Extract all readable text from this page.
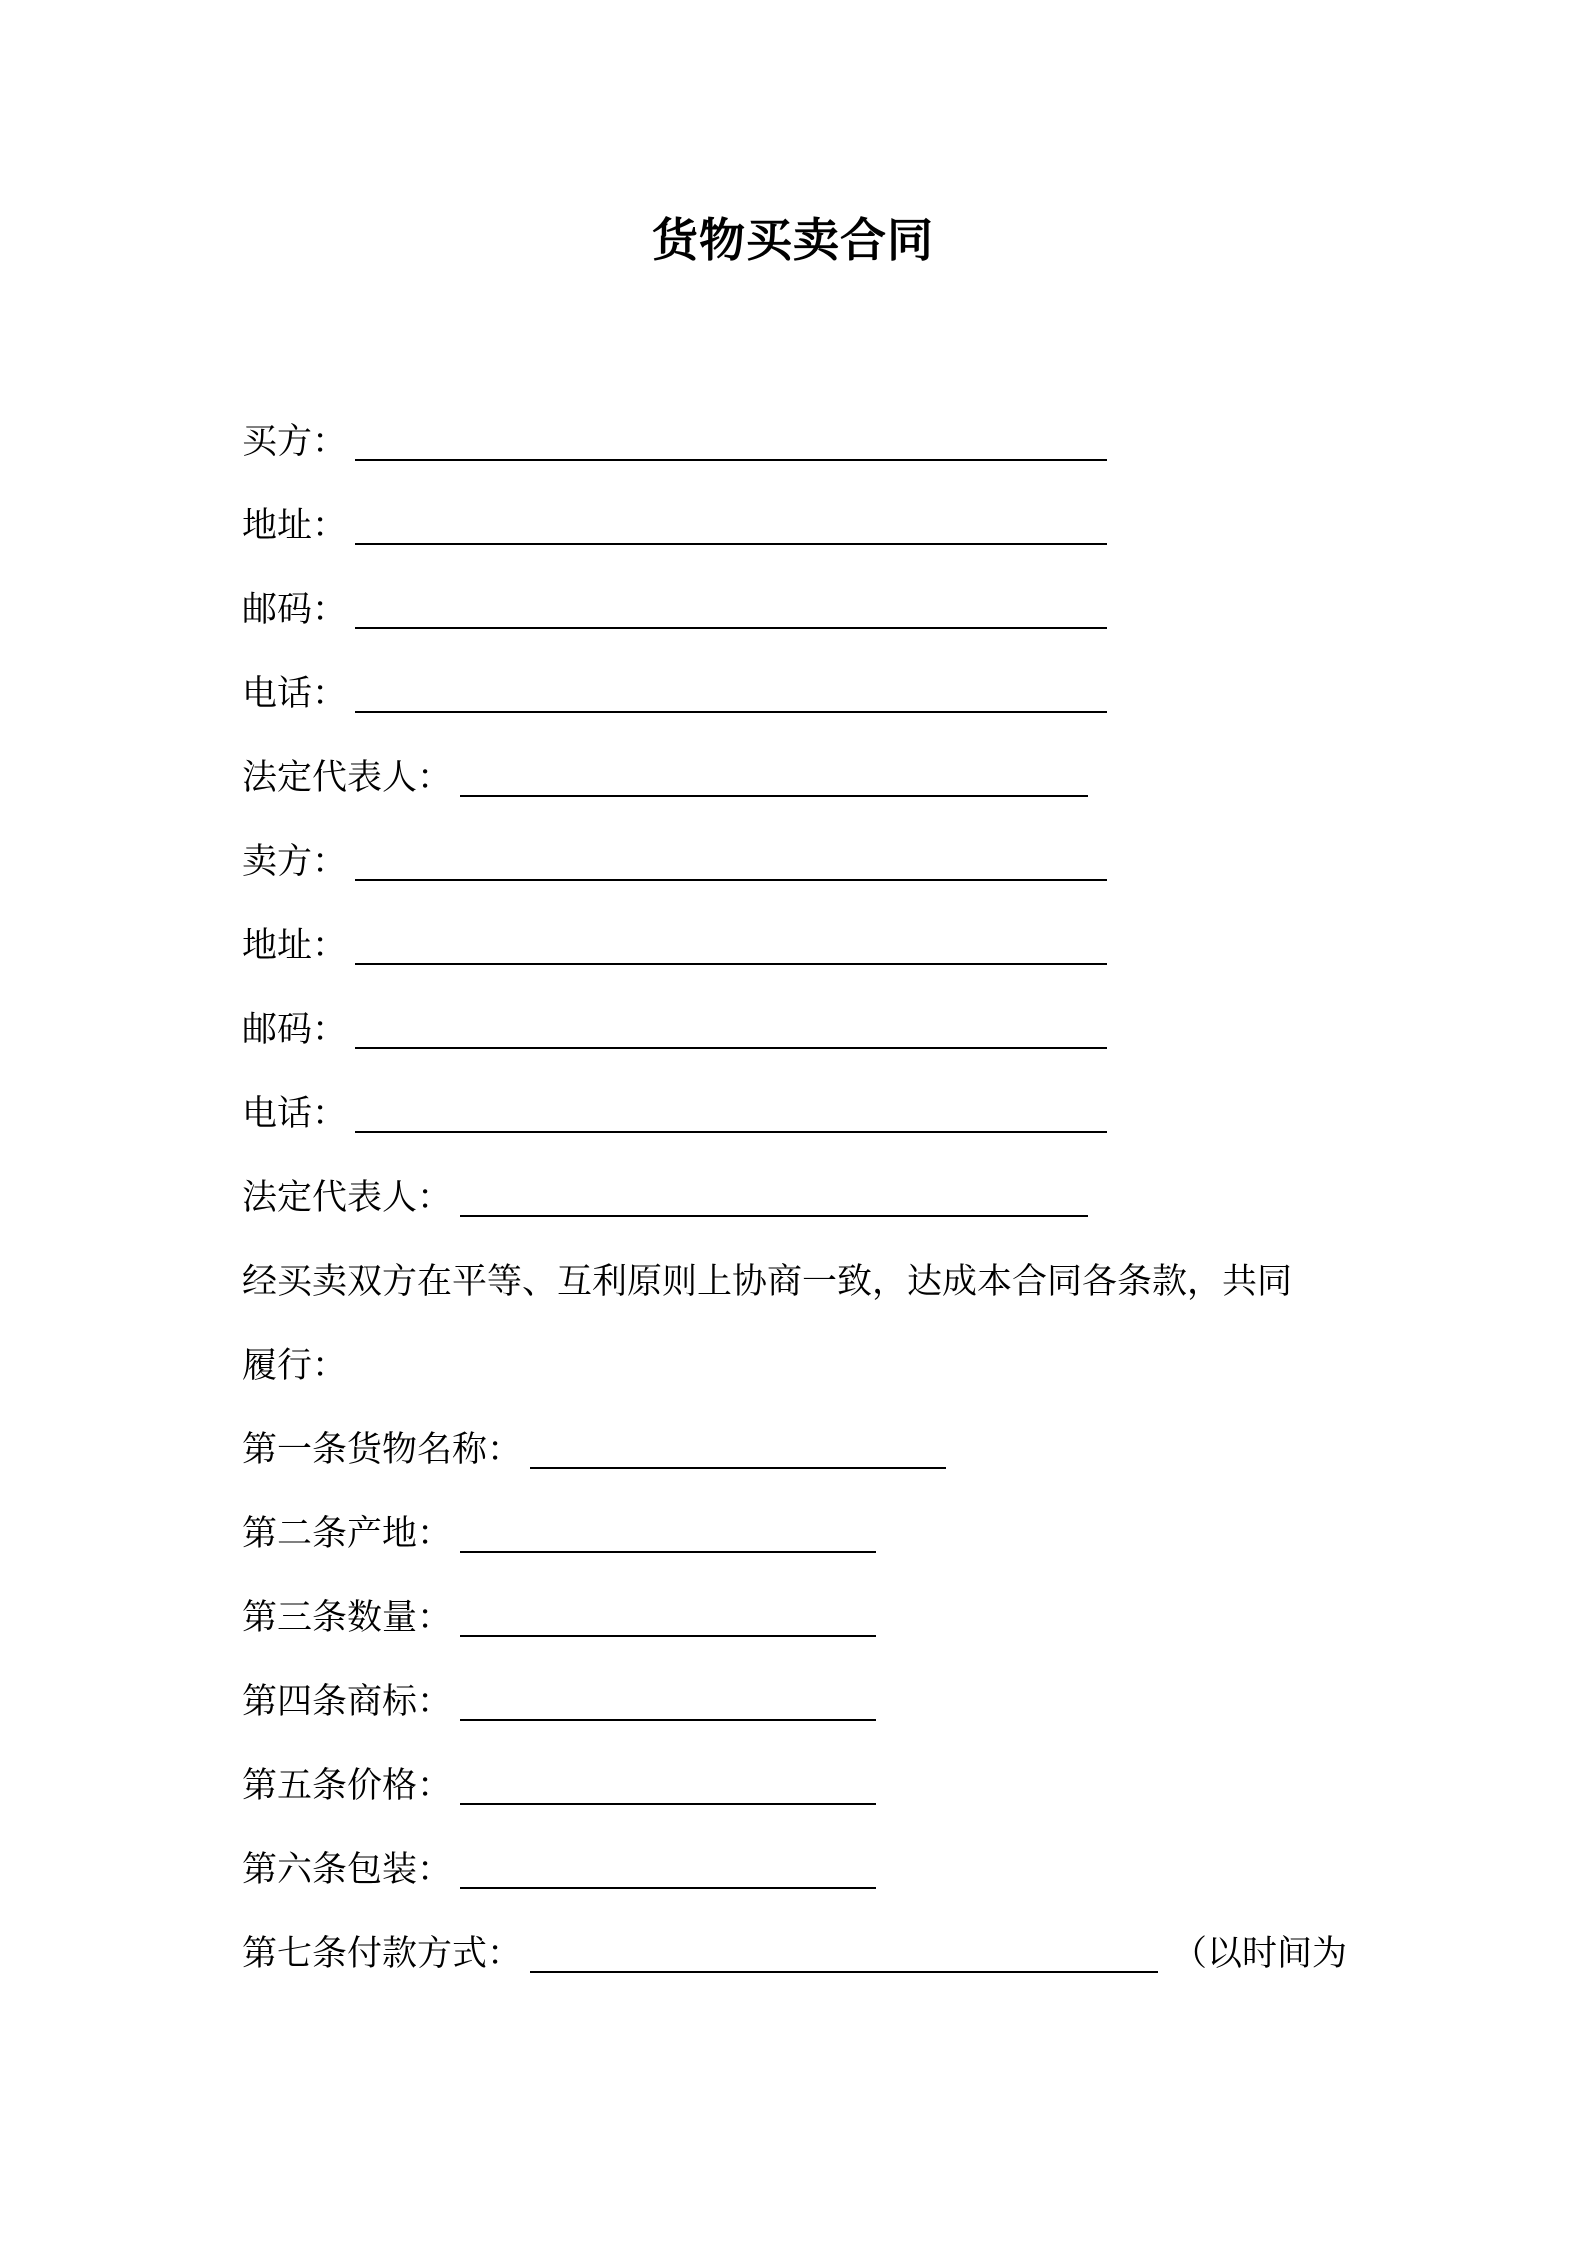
货物买卖合同
买方：
地址：
邮码：
电话：
法定代表人：
卖方：
地址：
邮码：
电话：
法定代表人：
经买卖双方在平等、互利原则上协商一致，达成本合同各条款，共同
履行：
第一条货物名称：
第二条产地：
第三条数量：
第四条商标：
第五条价格：
第六条包装：
第七条付款方式：	（以时间为
